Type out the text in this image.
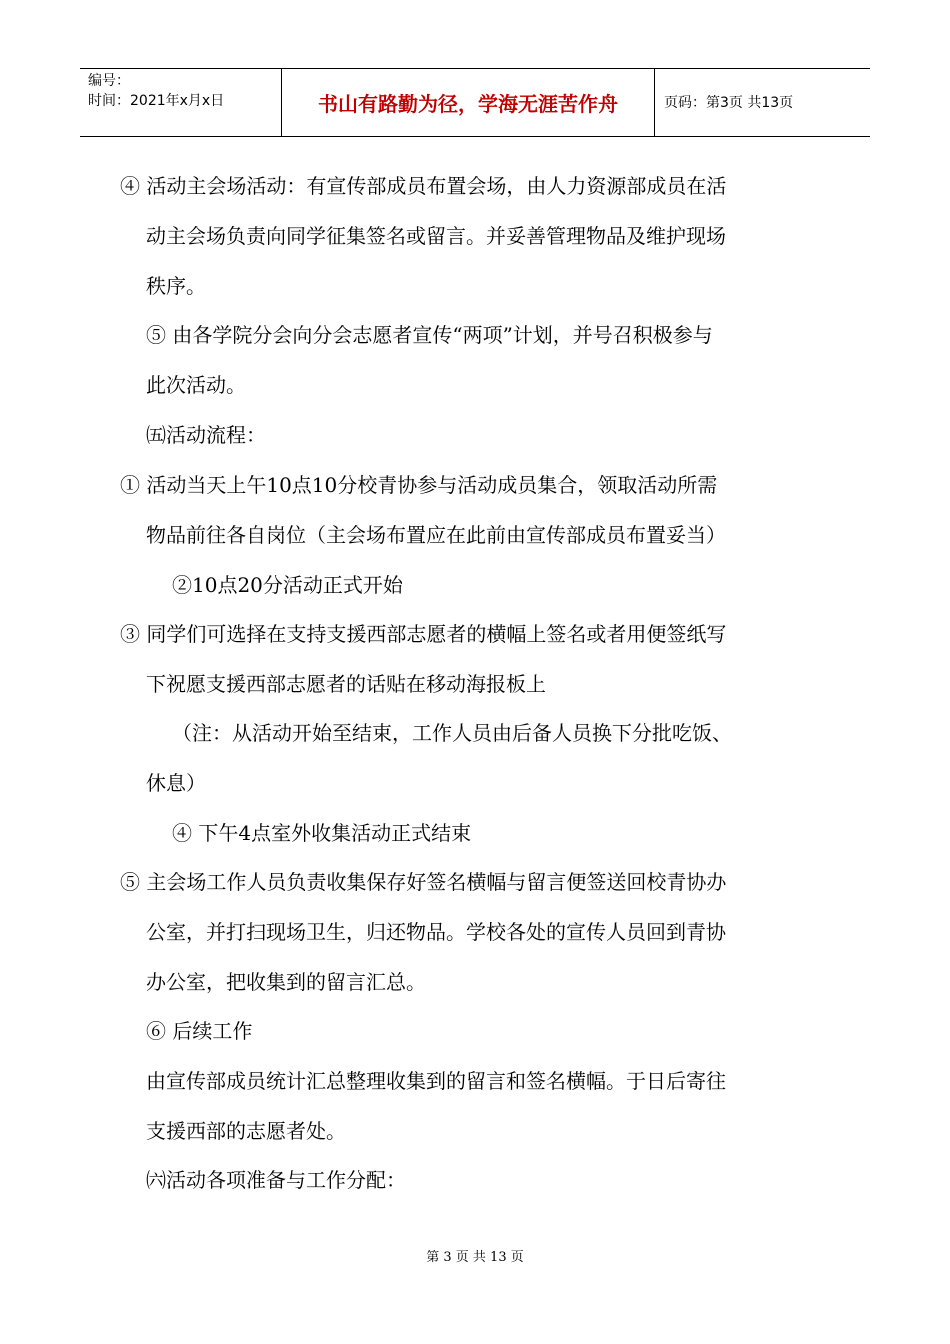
编号：
时间：2021年x月x日	书山有路勤为径，学海无涯苦作舟	页码：第3页 共13页
④ 活动主会场活动：有宣传部成员布置会场，由人力资源部成员在活
动主会场负责向同学征集签名或留言。并妥善管理物品及维护现场
秩序。
⑤ 由各学院分会向分会志愿者宣传“两项”计划，并号召积极参与
此次活动。
㈤活动流程：
① 活动当天上午10点10分校青协参与活动成员集合，领取活动所需
物品前往各自岗位（主会场布置应在此前由宣传部成员布置妥当）
②10点20分活动正式开始
③ 同学们可选择在支持支援西部志愿者的横幅上签名或者用便签纸写
下祝愿支援西部志愿者的话贴在移动海报板上
（注：从活动开始至结束，工作人员由后备人员换下分批吃饭、
休息）
④ 下午4点室外收集活动正式结束
⑤ 主会场工作人员负责收集保存好签名横幅与留言便签送回校青协办
公室，并打扫现场卫生，归还物品。学校各处的宣传人员回到青协
办公室，把收集到的留言汇总。
⑥ 后续工作
由宣传部成员统计汇总整理收集到的留言和签名横幅。于日后寄往
支援西部的志愿者处。
㈥活动各项准备与工作分配：
第 3 页 共 13 页
